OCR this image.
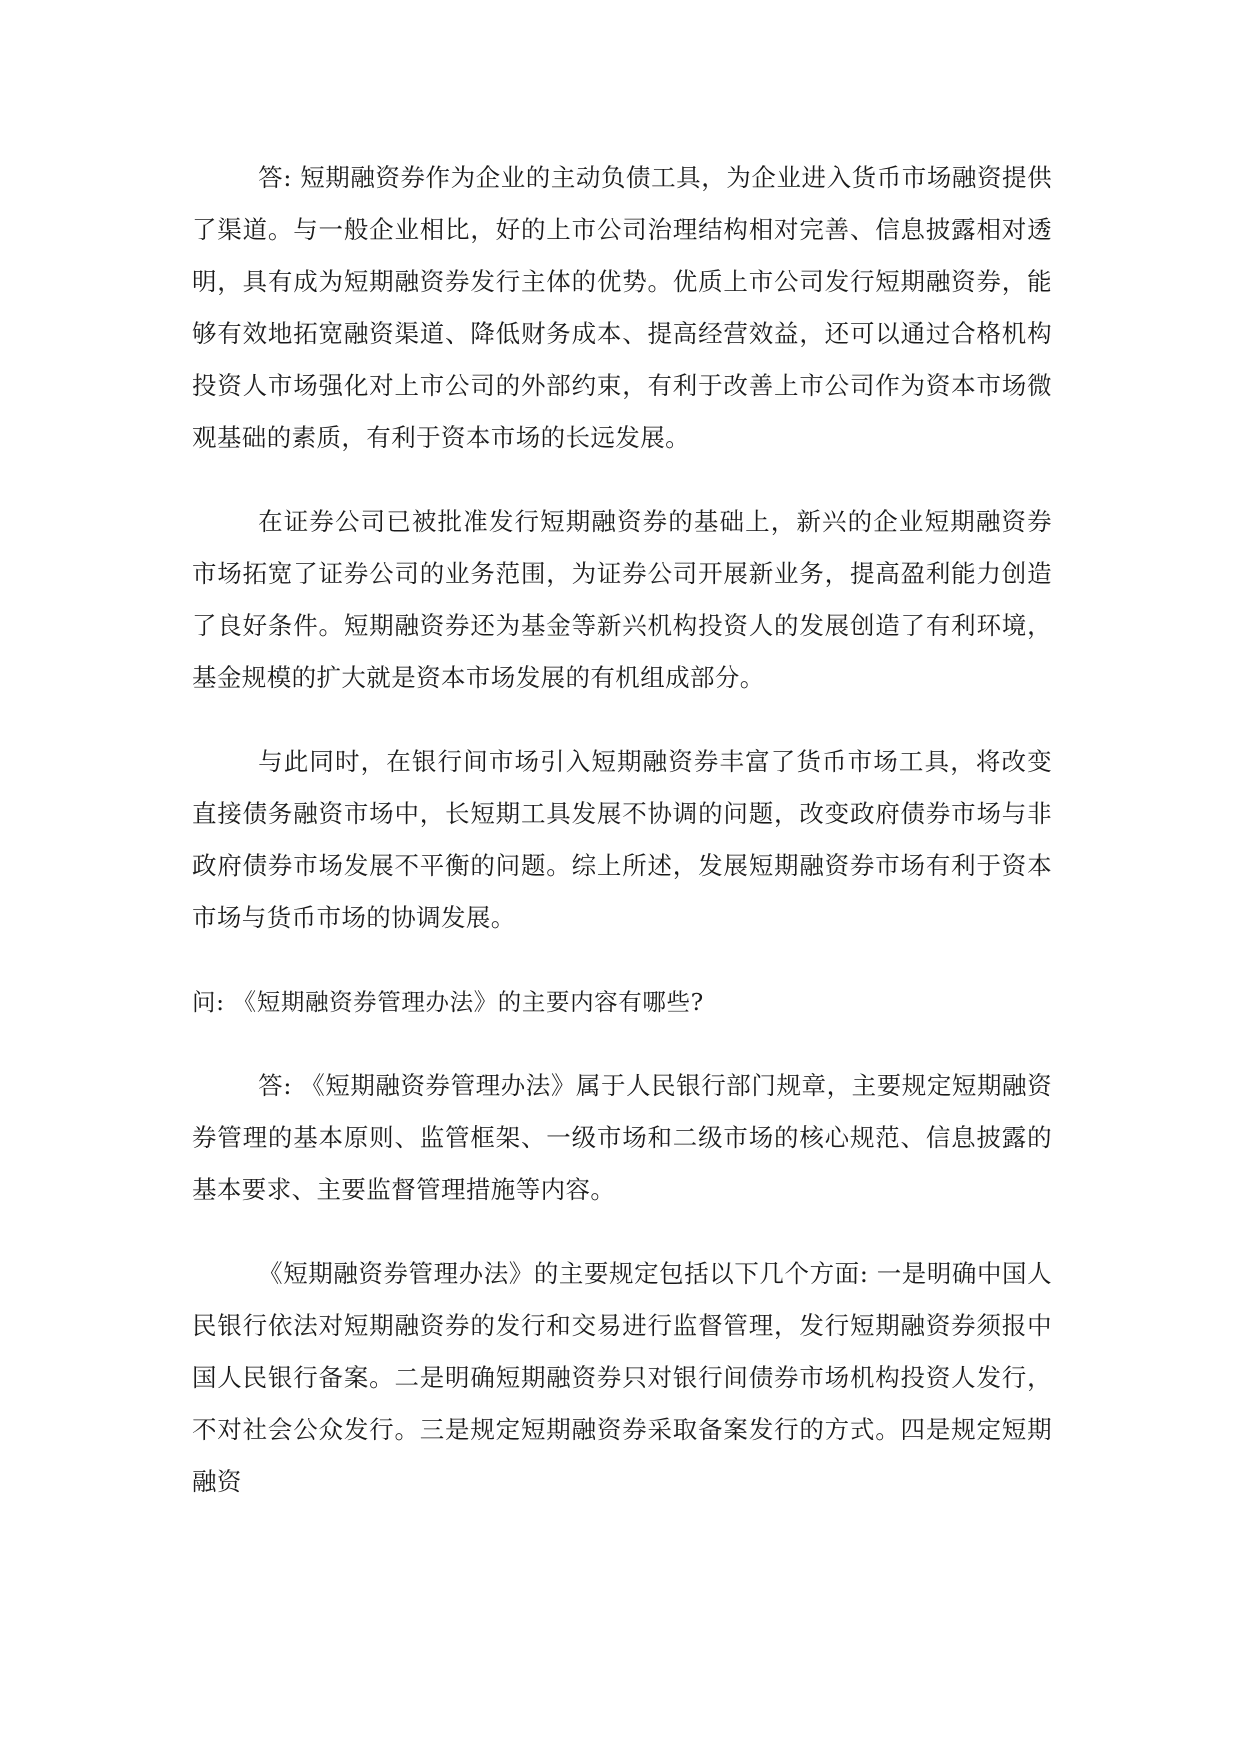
答: 短期融资券作为企业的主动负债工具，为企业进入货币市场融资提供了渠道。与一般企业相比，好的上市公司治理结构相对完善、信息披露相对透明，具有成为短期融资券发行主体的优势。优质上市公司发行短期融资券，能够有效地拓宽融资渠道、降低财务成本、提高经营效益，还可以通过合格机构投资人市场强化对上市公司的外部约束，有利于改善上市公司作为资本市场微观基础的素质，有利于资本市场的长远发展。

在证券公司已被批准发行短期融资券的基础上，新兴的企业短期融资券市场拓宽了证券公司的业务范围，为证券公司开展新业务，提高盈利能力创造了良好条件。短期融资券还为基金等新兴机构投资人的发展创造了有利环境，基金规模的扩大就是资本市场发展的有机组成部分。

与此同时，在银行间市场引入短期融资券丰富了货币市场工具，将改变直接债务融资市场中，长短期工具发展不协调的问题，改变政府债券市场与非政府债券市场发展不平衡的问题。综上所述，发展短期融资券市场有利于资本市场与货币市场的协调发展。

问: 《短期融资券管理办法》的主要内容有哪些?

答: 《短期融资券管理办法》属于人民银行部门规章，主要规定短期融资券管理的基本原则、监管框架、一级市场和二级市场的核心规范、信息披露的基本要求、主要监督管理措施等内容。

《短期融资券管理办法》的主要规定包括以下几个方面: 一是明确中国人民银行依法对短期融资券的发行和交易进行监督管理，发行短期融资券须报中国人民银行备案。二是明确短期融资券只对银行间债券市场机构投资人发行，不对社会公众发行。三是规定短期融资券采取备案发行的方式。四是规定短期融资
